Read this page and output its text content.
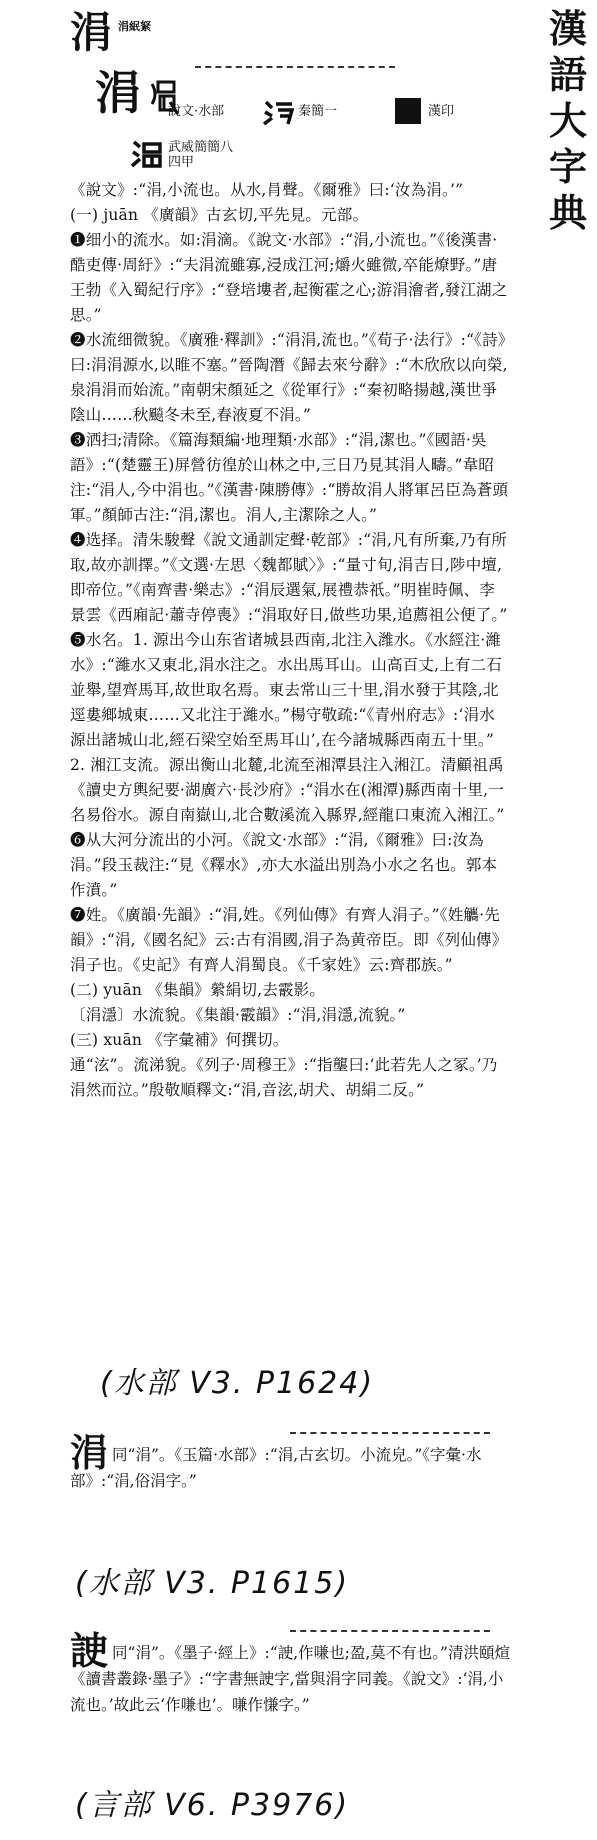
漢
語
大
字
典
涓 涓䋋䋈
涓 說文·水部	秦簡一	漢印
武威簡簡八
四甲

《說文》:“涓,小流也。从水,肙聲。《爾雅》曰:‘汝為涓。’”

(一) juān 《廣韻》古玄切,平先見。元部。

❶细小的流水。如:涓滴。《說文·水部》:“涓,小流也。”《後漢書·酷吏傳·周紆》:“夫涓流雖寡,浸成江河;爝火雖微,卒能燎野。”唐王勃《入蜀紀行序》:“登培塿者,起衡霍之心;游涓澮者,發江湖之思。”

❷水流细微貌。《廣雅·釋訓》:“涓涓,流也。”《荀子·法行》:“《詩》曰:涓涓源水,以睢不塞。”晉陶潛《歸去來兮辭》:“木欣欣以向榮,泉涓涓而始流。”南朝宋顏延之《從軍行》:“秦初略揚越,漢世爭陰山……秋飈冬未至,春液夏不涓。”

❸洒扫;清除。《篇海類編·地理類·水部》:“涓,潔也。”《國語·吳語》:“(楚靈王)屏營彷徨於山林之中,三日乃見其涓人疇。”韋昭注:“涓人,今中涓也。”《漢書·陳勝傳》:“勝故涓人將軍呂臣為蒼頭軍。”顏師古注:“涓,潔也。涓人,主潔除之人。”

❹选择。清朱駿聲《說文通訓定聲·乾部》:“涓,凡有所棄,乃有所取,故亦訓擇。”《文選·左思〈魏都賦〉》:“量寸旬,涓吉日,陟中壇,即帝位。”《南齊書·樂志》:“涓辰選氣,展禮恭祇。”明崔時佩、李景雲《西廂記·蕭寺停喪》:“涓取好日,做些功果,追薦祖公便了。”

❺水名。1. 源出今山东省诸城县西南,北注入潍水。《水經注·濰水》:“濰水又東北,涓水注之。水出馬耳山。山高百丈,上有二石並舉,望齊馬耳,故世取名焉。東去常山三十里,涓水發于其陰,北逕婁鄉城東……又北注于濰水。”楊守敬疏:“《青州府志》:‘涓水源出諸城山北,經石梁空始至馬耳山’,在今諸城縣西南五十里。” 2. 湘江支流。源出衡山北麓,北流至湘潭县注入湘江。清顧祖禹《讀史方輿紀要·湖廣六·長沙府》:“涓水在(湘潭)縣西南十里,一名易俗水。源自南嶽山,北合數溪流入縣界,經龍口東流入湘江。”

❻从大河分流出的小河。《說文·水部》:“涓,《爾雅》曰:汝為涓。”段玉裁注:“見《釋水》,亦大水溢出別為小水之名也。郭本作濆。”

❼姓。《廣韻·先韻》:“涓,姓。《列仙傳》有齊人涓子。”《姓觿·先韻》:“涓,《國名紀》云:古有涓國,涓子為黄帝臣。即《列仙傳》涓子也。《史記》有齊人涓蜀良。《千家姓》云:齊郡族。”

(二) yuān 《集韻》縈絹切,去霰影。

〔涓濦〕水流貌。《集韻·霰韻》:“涓,涓濦,流貌。”

(三) xuān 《字彙補》何撰切。

通“泫”。流涕貌。《列子·周穆王》:“指壟曰:‘此若先人之冢。’乃涓然而泣。”殷敬順釋文:“涓,音泫,胡犬、胡絹二反。”

(水部 V3. P1624)
涓同“涓”。《玉篇·水部》:“涓,古玄切。小流皃。”《字彙·水部》:“涓,俗涓字。”
(水部 V3. P1615)
䛕同“涓”。《墨子·經上》:“䛕,作嗛也;盈,莫不有也。”清洪頤煊《讀書叢錄·墨子》:“字書無䛕字,當與涓字同義。《說文》:‘涓,小流也。’故此云‘作嗛也’。嗛作慊字。”
(言部 V6. P3976)
